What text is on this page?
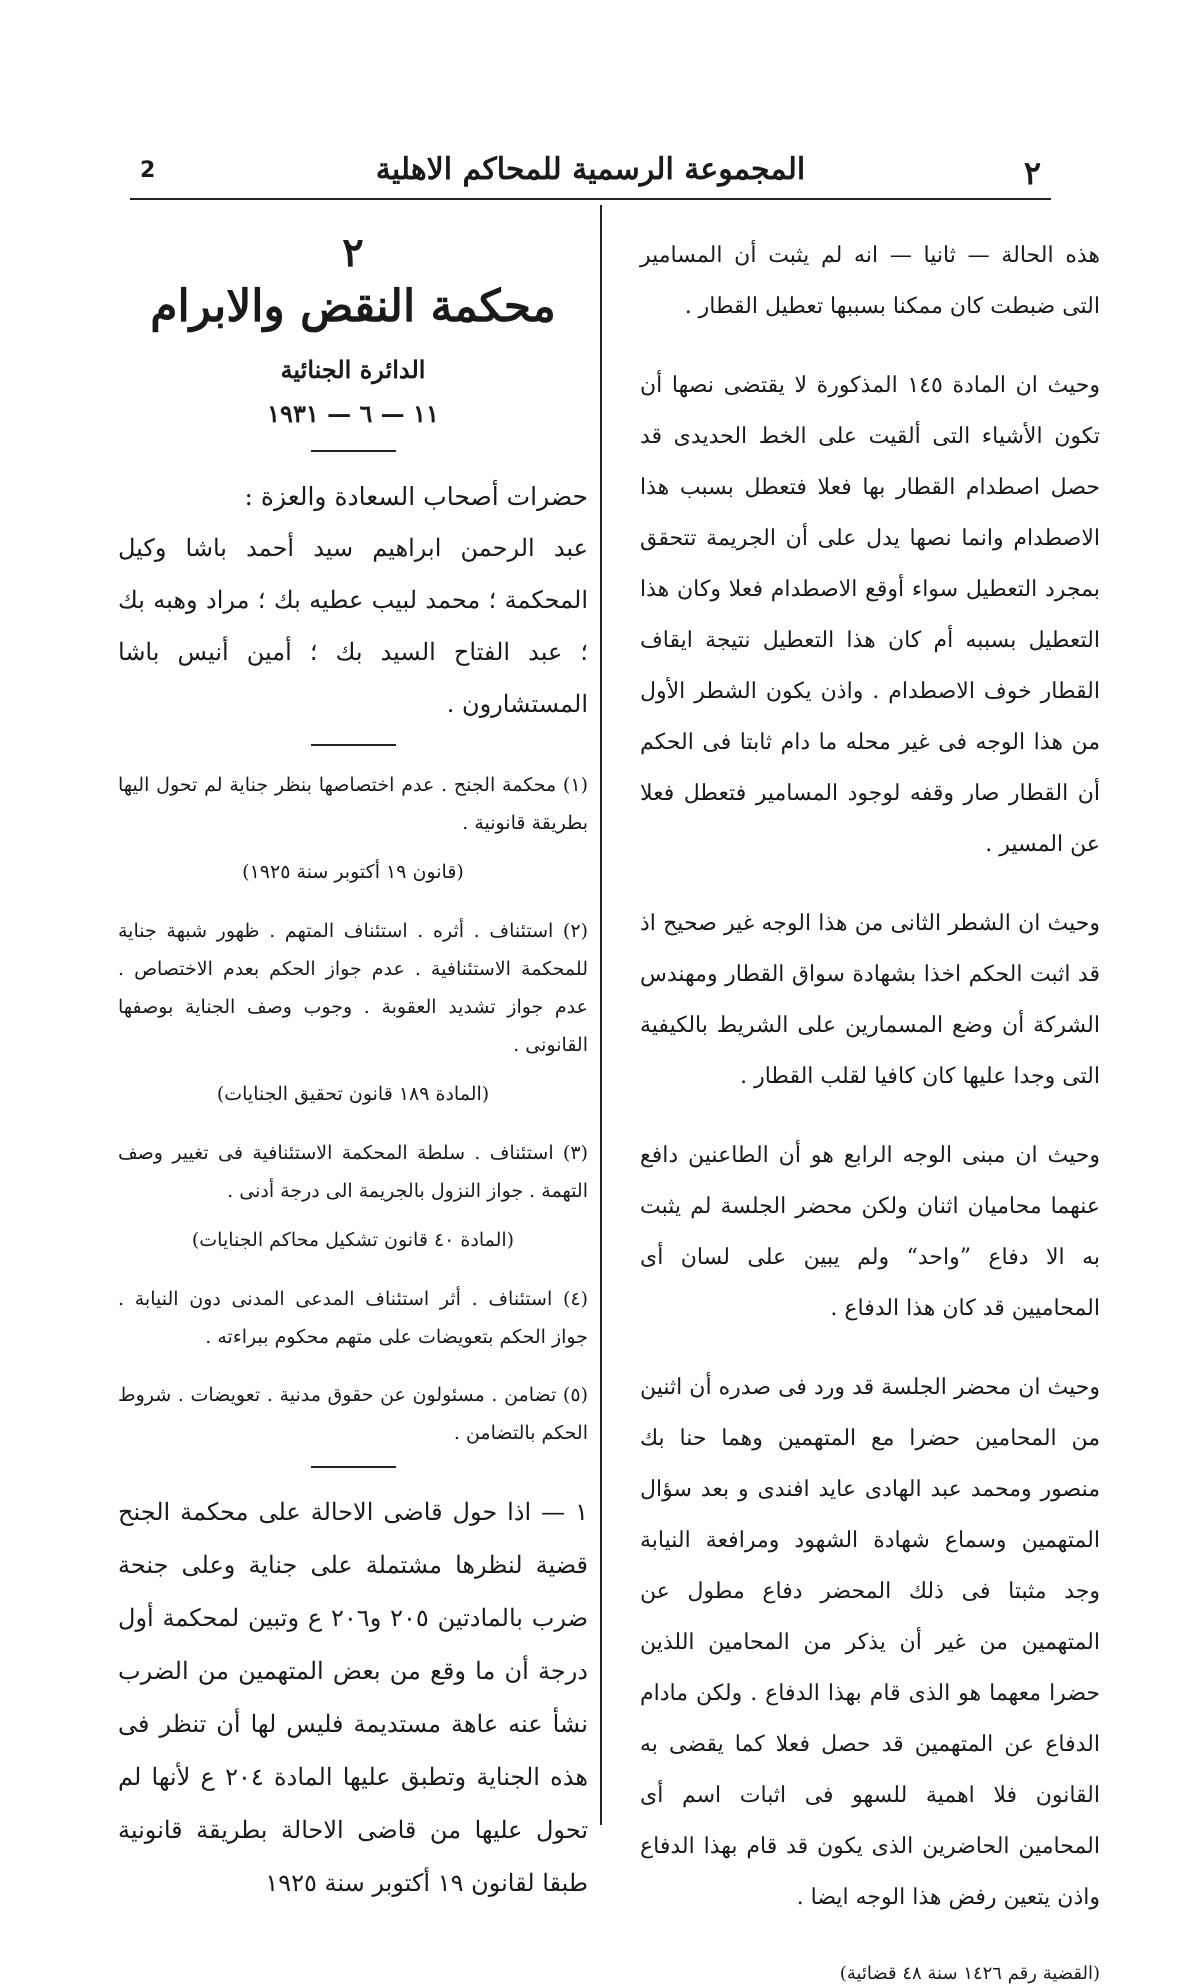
2	المجموعة الرسمية للمحاكم الاهلية	٢

هذه الحالة — ثانيا — انه لم يثبت أن المسامير التى ضبطت كان ممكنا بسببها تعطيل القطار .

وحيث ان المادة ١٤٥ المذكورة لا يقتضى نصها أن تكون الأشياء التى ألقيت على الخط الحديدى قد حصل اصطدام القطار بها فعلا فتعطل بسبب هذا الاصطدام وانما نصها يدل على أن الجريمة تتحقق بمجرد التعطيل سواء أوقع الاصطدام فعلا وكان هذا التعطيل بسببه أم كان هذا التعطيل نتيجة ايقاف القطار خوف الاصطدام . واذن يكون الشطر الأول من هذا الوجه فى غير محله ما دام ثابتا فى الحكم أن القطار صار وقفه لوجود المسامير فتعطل فعلا عن المسير .

وحيث ان الشطر الثانى من هذا الوجه غير صحيح اذ قد اثبت الحكم اخذا بشهادة سواق القطار ومهندس الشركة أن وضع المسمارين على الشريط بالكيفية التى وجدا عليها كان كافيا لقلب القطار .

وحيث ان مبنى الوجه الرابع هو أن الطاعنين دافع عنهما محاميان اثنان ولكن محضر الجلسة لم يثبت به الا دفاع ”واحد“ ولم يبين على لسان أى المحاميين قد كان هذا الدفاع .

وحيث ان محضر الجلسة قد ورد فى صدره أن اثنين من المحامين حضرا مع المتهمين وهما حنا بك منصور ومحمد عبد الهادى عايد افندى و بعد سؤال المتهمين وسماع شهادة الشهود ومرافعة النيابة وجد مثبتا فى ذلك المحضر دفاع مطول عن المتهمين من غير أن يذكر من المحامين اللذين حضرا معهما هو الذى قام بهذا الدفاع . ولكن مادام الدفاع عن المتهمين قد حصل فعلا كما يقضى به القانون فلا اهمية للسهو فى اثبات اسم أى المحامين الحاضرين الذى يكون قد قام بهذا الدفاع واذن يتعين رفض هذا الوجه ايضا .

(القضية رقم ١٤٢٦ سنة ٤٨ قضائية)
٢
محكمة النقض والابرام
الدائرة الجنائية
١١ — ٦ — ١٩٣١
حضرات أصحاب السعادة والعزة :
عبد الرحمن ابراهيم سيد أحمد باشا وكيل المحكمة ؛ محمد لبيب عطيه بك ؛ مراد وهبه بك ؛ عبد الفتاح السيد بك ؛ أمين أنيس باشا المستشارون .
(١) محكمة الجنح . عدم اختصاصها بنظر جناية لم تحول اليها بطريقة قانونية .
(قانون ١٩ أكتوبر سنة ١٩٢٥)
(٢) استئناف . أثره . استئناف المتهم . ظهور شبهة جناية للمحكمة الاستئنافية . عدم جواز الحكم بعدم الاختصاص . عدم جواز تشديد العقوبة . وجوب وصف الجناية بوصفها القانونى .
(المادة ١٨٩ قانون تحقيق الجنايات)
(٣) استئناف . سلطة المحكمة الاستئنافية فى تغيير وصف التهمة . جواز النزول بالجريمة الى درجة أدنى .
(المادة ٤٠ قانون تشكيل محاكم الجنايات)
(٤) استئناف . أثر استئناف المدعى المدنى دون النيابة . جواز الحكم بتعويضات على متهم محكوم ببراءته .
(٥) تضامن . مسئولون عن حقوق مدنية . تعويضات . شروط الحكم بالتضامن .
١ — اذا حول قاضى الاحالة على محكمة الجنح قضية لنظرها مشتملة على جناية وعلى جنحة ضرب بالمادتين ٢٠٥ و٢٠٦ ع وتبين لمحكمة أول درجة أن ما وقع من بعض المتهمين من الضرب نشأ عنه عاهة مستديمة فليس لها أن تنظر فى هذه الجناية وتطبق عليها المادة ٢٠٤ ع لأنها لم تحول عليها من قاضى الاحالة بطريقة قانونية طبقا لقانون ١٩ أكتوبر سنة ١٩٢٥
